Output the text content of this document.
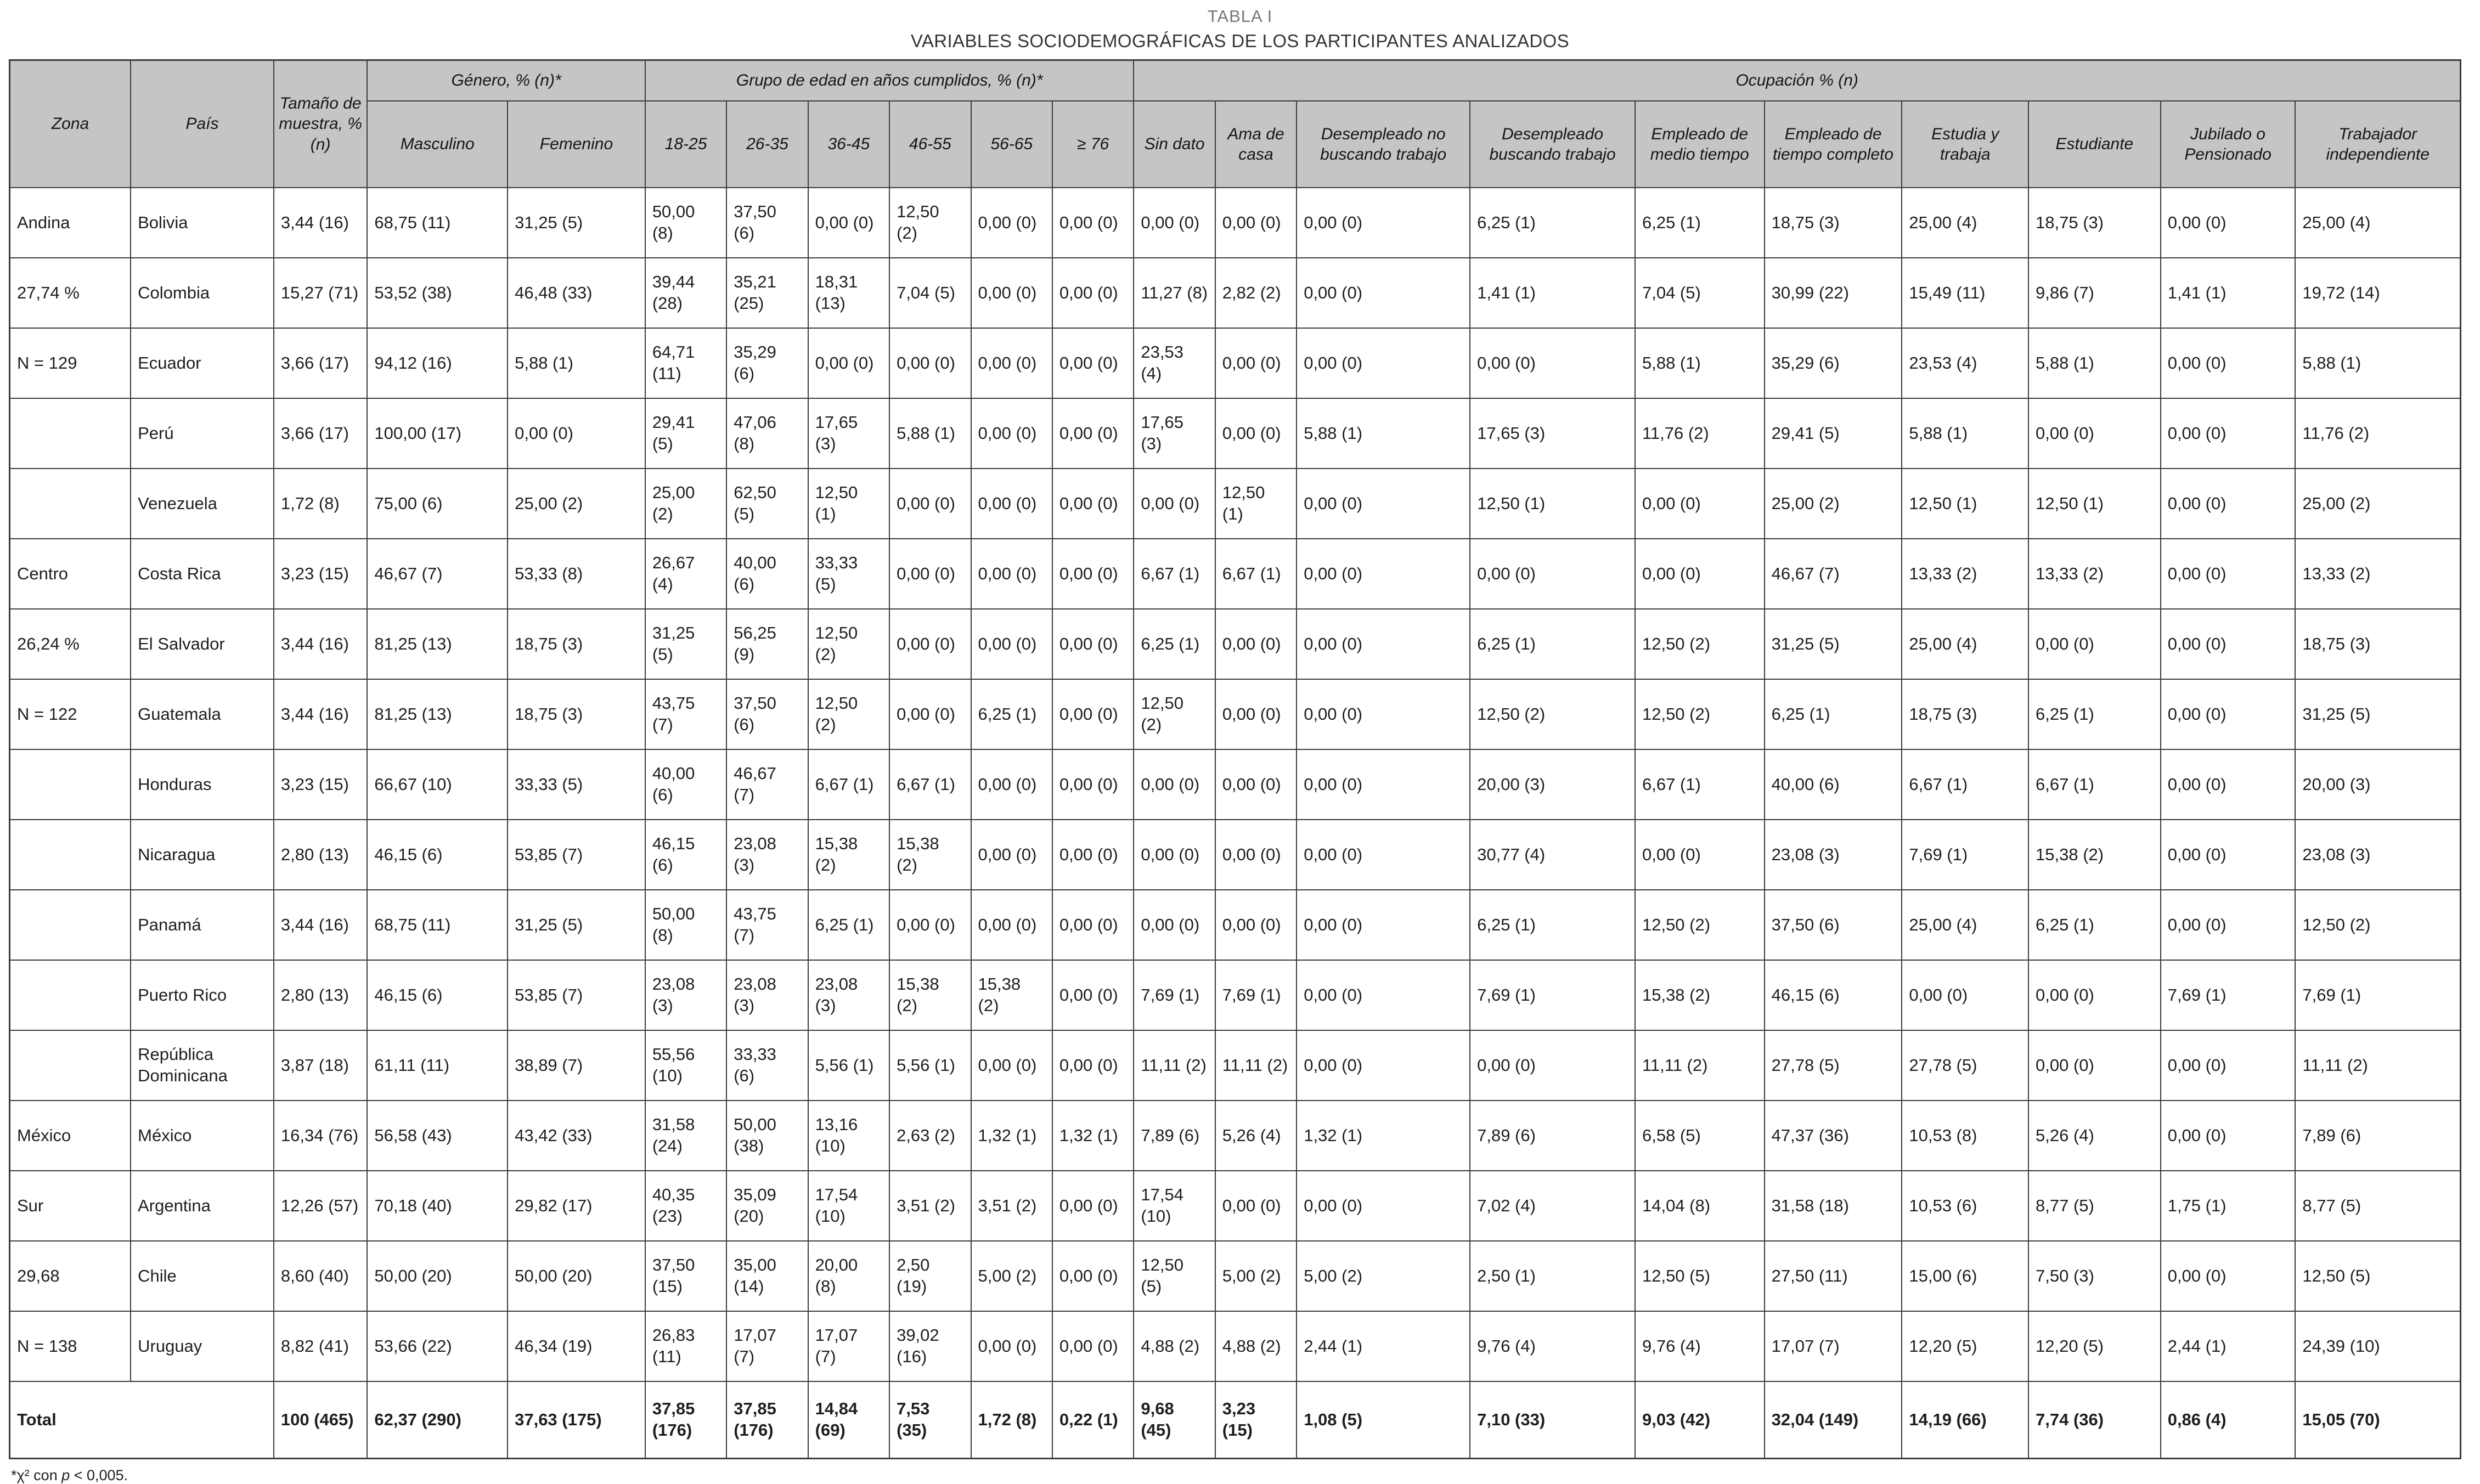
TABLA I
VARIABLES SOCIODEMOGRÁFICAS DE LOS PARTICIPANTES ANALIZADOS
Zona	País	Tamaño de muestra, % (n)	Género, % (n)*		Grupo de edad en años cumplidos, % (n)*						Ocupación % (n)									
			Masculino	Femenino	18-25	26-35	36-45	46-55	56-65	≥ 76	Sin dato	Ama de casa	Desempleado no buscando trabajo	Desempleado buscando trabajo	Empleado de medio tiempo	Empleado de tiempo completo	Estudia y trabaja	Estudiante	Jubilado o Pensionado	Trabajador independiente
Andina	Bolivia	3,44 (16)	68,75 (11)	31,25 (5)	50,00 (8)	37,50 (6)	0,00 (0)	12,50 (2)	0,00 (0)	0,00 (0)	0,00 (0)	0,00 (0)	0,00 (0)	6,25 (1)	6,25 (1)	18,75 (3)	25,00 (4)	18,75 (3)	0,00 (0)	25,00 (4)
27,74 %	Colombia	15,27 (71)	53,52 (38)	46,48 (33)	39,44 (28)	35,21 (25)	18,31 (13)	7,04 (5)	0,00 (0)	0,00 (0)	11,27 (8)	2,82 (2)	0,00 (0)	1,41 (1)	7,04 (5)	30,99 (22)	15,49 (11)	9,86 (7)	1,41 (1)	19,72 (14)
N = 129	Ecuador	3,66 (17)	94,12 (16)	5,88 (1)	64,71 (11)	35,29 (6)	0,00 (0)	0,00 (0)	0,00 (0)	0,00 (0)	23,53 (4)	0,00 (0)	0,00 (0)	0,00 (0)	5,88 (1)	35,29 (6)	23,53 (4)	5,88 (1)	0,00 (0)	5,88 (1)
	Perú	3,66 (17)	100,00 (17)	0,00 (0)	29,41 (5)	47,06 (8)	17,65 (3)	5,88 (1)	0,00 (0)	0,00 (0)	17,65 (3)	0,00 (0)	5,88 (1)	17,65 (3)	11,76 (2)	29,41 (5)	5,88 (1)	0,00 (0)	0,00 (0)	11,76 (2)
	Venezuela	1,72 (8)	75,00 (6)	25,00 (2)	25,00 (2)	62,50 (5)	12,50 (1)	0,00 (0)	0,00 (0)	0,00 (0)	0,00 (0)	12,50 (1)	0,00 (0)	12,50 (1)	0,00 (0)	25,00 (2)	12,50 (1)	12,50 (1)	0,00 (0)	25,00 (2)
Centro	Costa Rica	3,23 (15)	46,67 (7)	53,33 (8)	26,67 (4)	40,00 (6)	33,33 (5)	0,00 (0)	0,00 (0)	0,00 (0)	6,67 (1)	6,67 (1)	0,00 (0)	0,00 (0)	0,00 (0)	46,67 (7)	13,33 (2)	13,33 (2)	0,00 (0)	13,33 (2)
26,24 %	El Salvador	3,44 (16)	81,25 (13)	18,75 (3)	31,25 (5)	56,25 (9)	12,50 (2)	0,00 (0)	0,00 (0)	0,00 (0)	6,25 (1)	0,00 (0)	0,00 (0)	6,25 (1)	12,50 (2)	31,25 (5)	25,00 (4)	0,00 (0)	0,00 (0)	18,75 (3)
N = 122	Guatemala	3,44 (16)	81,25 (13)	18,75 (3)	43,75 (7)	37,50 (6)	12,50 (2)	0,00 (0)	6,25 (1)	0,00 (0)	12,50 (2)	0,00 (0)	0,00 (0)	12,50 (2)	12,50 (2)	6,25 (1)	18,75 (3)	6,25 (1)	0,00 (0)	31,25 (5)
	Honduras	3,23 (15)	66,67 (10)	33,33 (5)	40,00 (6)	46,67 (7)	6,67 (1)	6,67 (1)	0,00 (0)	0,00 (0)	0,00 (0)	0,00 (0)	0,00 (0)	20,00 (3)	6,67 (1)	40,00 (6)	6,67 (1)	6,67 (1)	0,00 (0)	20,00 (3)
	Nicaragua	2,80 (13)	46,15 (6)	53,85 (7)	46,15 (6)	23,08 (3)	15,38 (2)	15,38 (2)	0,00 (0)	0,00 (0)	0,00 (0)	0,00 (0)	0,00 (0)	30,77 (4)	0,00 (0)	23,08 (3)	7,69 (1)	15,38 (2)	0,00 (0)	23,08 (3)
	Panamá	3,44 (16)	68,75 (11)	31,25 (5)	50,00 (8)	43,75 (7)	6,25 (1)	0,00 (0)	0,00 (0)	0,00 (0)	0,00 (0)	0,00 (0)	0,00 (0)	6,25 (1)	12,50 (2)	37,50 (6)	25,00 (4)	6,25 (1)	0,00 (0)	12,50 (2)
	Puerto Rico	2,80 (13)	46,15 (6)	53,85 (7)	23,08 (3)	23,08 (3)	23,08 (3)	15,38 (2)	15,38 (2)	0,00 (0)	7,69 (1)	7,69 (1)	0,00 (0)	7,69 (1)	15,38 (2)	46,15 (6)	0,00 (0)	0,00 (0)	7,69 (1)	7,69 (1)
	República Dominicana	3,87 (18)	61,11 (11)	38,89 (7)	55,56 (10)	33,33 (6)	5,56 (1)	5,56 (1)	0,00 (0)	0,00 (0)	11,11 (2)	11,11 (2)	0,00 (0)	0,00 (0)	11,11 (2)	27,78 (5)	27,78 (5)	0,00 (0)	0,00 (0)	11,11 (2)
México	México	16,34 (76)	56,58 (43)	43,42 (33)	31,58 (24)	50,00 (38)	13,16 (10)	2,63 (2)	1,32 (1)	1,32 (1)	7,89 (6)	5,26 (4)	1,32 (1)	7,89 (6)	6,58 (5)	47,37 (36)	10,53 (8)	5,26 (4)	0,00 (0)	7,89 (6)
Sur	Argentina	12,26 (57)	70,18 (40)	29,82 (17)	40,35 (23)	35,09 (20)	17,54 (10)	3,51 (2)	3,51 (2)	0,00 (0)	17,54 (10)	0,00 (0)	0,00 (0)	7,02 (4)	14,04 (8)	31,58 (18)	10,53 (6)	8,77 (5)	1,75 (1)	8,77 (5)
29,68	Chile	8,60 (40)	50,00 (20)	50,00 (20)	37,50 (15)	35,00 (14)	20,00 (8)	2,50 (19)	5,00 (2)	0,00 (0)	12,50 (5)	5,00 (2)	5,00 (2)	2,50 (1)	12,50 (5)	27,50 (11)	15,00 (6)	7,50 (3)	0,00 (0)	12,50 (5)
N = 138	Uruguay	8,82 (41)	53,66 (22)	46,34 (19)	26,83 (11)	17,07 (7)	17,07 (7)	39,02 (16)	0,00 (0)	0,00 (0)	4,88 (2)	4,88 (2)	2,44 (1)	9,76 (4)	9,76 (4)	17,07 (7)	12,20 (5)	12,20 (5)	2,44 (1)	24,39 (10)
Total		100 (465)	62,37 (290)	37,63 (175)	37,85 (176)	37,85 (176)	14,84 (69)	7,53 (35)	1,72 (8)	0,22 (1)	9,68 (45)	3,23 (15)	1,08 (5)	7,10 (33)	9,03 (42)	32,04 (149)	14,19 (66)	7,74 (36)	0,86 (4)	15,05 (70)
*χ² con p < 0,005.
